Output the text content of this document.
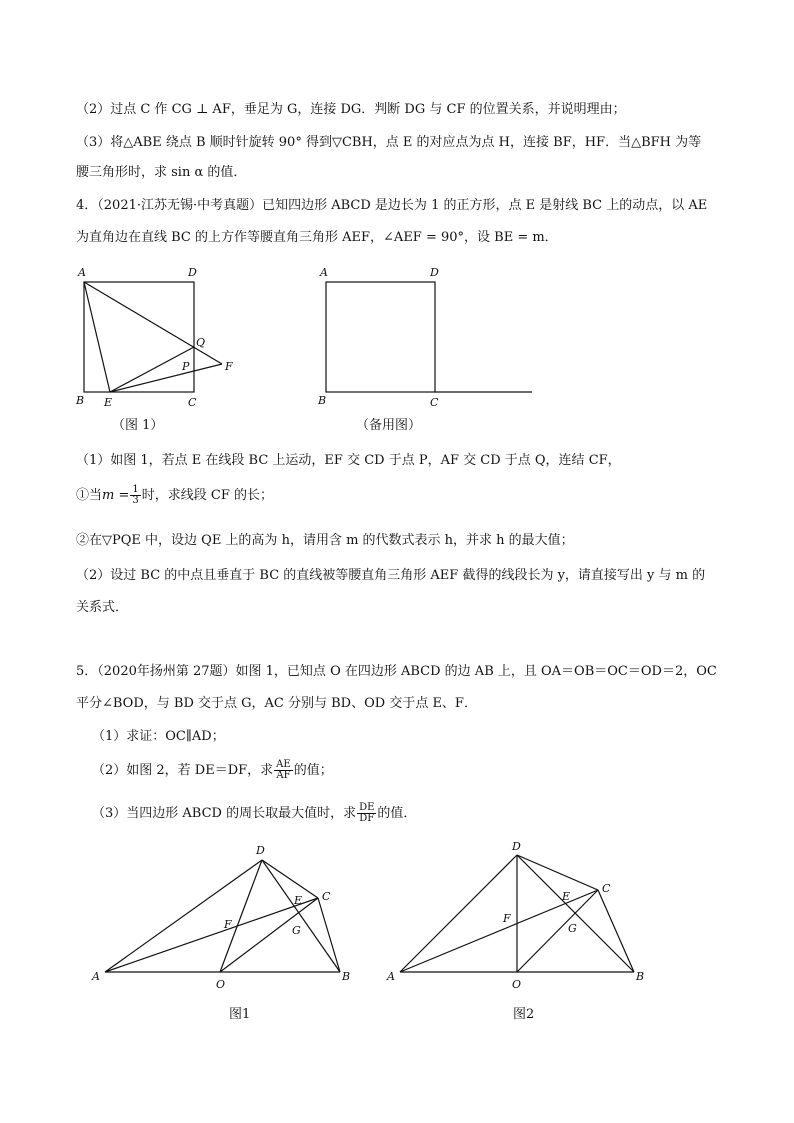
（2）过点 C 作 CG ⊥ AF，垂足为 G，连接 DG．判断 DG 与 CF 的位置关系，并说明理由；
（3）将△ABE 绕点 B 顺时针旋转 90° 得到▽CBH，点 E 的对应点为点 H，连接 BF，HF．当△BFH 为等
腰三角形时，求 sin α 的值．
4．（2021·江苏无锡·中考真题）已知四边形 ABCD 是边长为 1 的正方形，点 E 是射线 BC 上的动点，以 AE
为直角边在直线 BC 的上方作等腰直角三角形 AEF，∠AEF = 90°，设 BE = m．
A	D
B E	C
Q
P	F
（图 1）
A	D
B	C
（备用图）
（1）如图 1，若点 E 在线段 BC 上运动，EF 交 CD 于点 P，AF 交 CD 于点 Q，连结 CF，
①当$m = \frac{1}{3}$ 时，求线段 CF 的长；
②在▽PQE 中，设边 QE 上的高为 h，请用含 m 的代数式表示 h，并求 h 的最大值；
（2）设过 BC 的中点且垂直于 BC 的直线被等腰直角三角形 AEF 截得的线段长为 y，请直接写出 y 与 m 的
关系式．
5．（2020年扬州第 27题）如图 1，已知点 O 在四边形 ABCD 的边 AB 上，且 OA＝OB＝OC＝OD＝2，OC
平分∠BOD，与 BD 交于点 G，AC 分别与 BD、OD 交于点 E、F．
（1）求证：OC∥AD；
（2）如图 2，若 DE＝DF，求 $\frac{AE}{AF}$ 的值；
（3）当四边形 ABCD 的周长取最大值时，求 $\frac{DE}{DF}$ 的值．
D
C
E
F	G
A
O
B
图1
D
C
E
F
G
A
O
B
图2
